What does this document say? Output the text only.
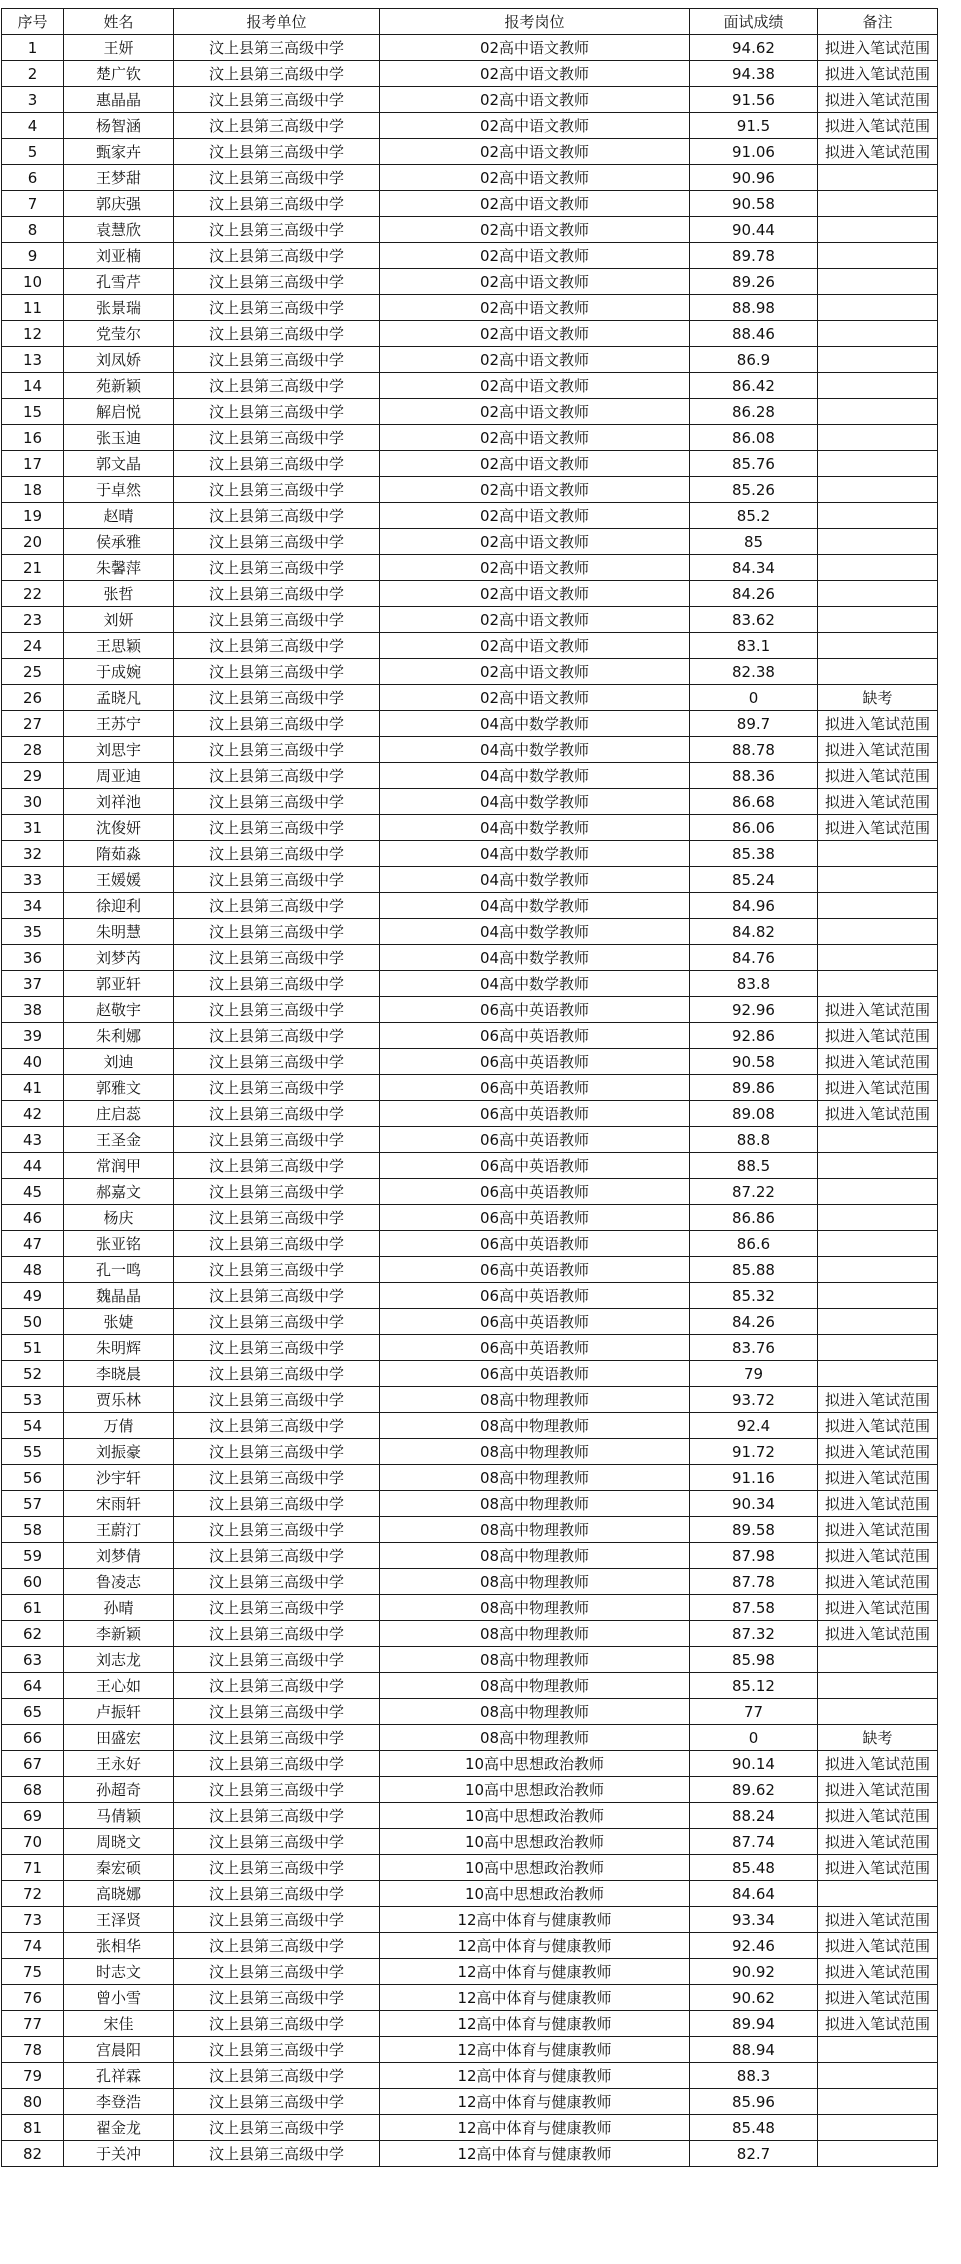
序号	姓名	报考单位	报考岗位	面试成绩	备注
1	王妍	汶上县第三高级中学	02高中语文教师	94.62	拟进入笔试范围
2	楚广钦	汶上县第三高级中学	02高中语文教师	94.38	拟进入笔试范围
3	惠晶晶	汶上县第三高级中学	02高中语文教师	91.56	拟进入笔试范围
4	杨智涵	汶上县第三高级中学	02高中语文教师	91.5	拟进入笔试范围
5	甄家卉	汶上县第三高级中学	02高中语文教师	91.06	拟进入笔试范围
6	王梦甜	汶上县第三高级中学	02高中语文教师	90.96	
7	郭庆强	汶上县第三高级中学	02高中语文教师	90.58	
8	袁慧欣	汶上县第三高级中学	02高中语文教师	90.44	
9	刘亚楠	汶上县第三高级中学	02高中语文教师	89.78	
10	孔雪芹	汶上县第三高级中学	02高中语文教师	89.26	
11	张景瑞	汶上县第三高级中学	02高中语文教师	88.98	
12	党莹尔	汶上县第三高级中学	02高中语文教师	88.46	
13	刘凤娇	汶上县第三高级中学	02高中语文教师	86.9	
14	苑新颖	汶上县第三高级中学	02高中语文教师	86.42	
15	解启悦	汶上县第三高级中学	02高中语文教师	86.28	
16	张玉迪	汶上县第三高级中学	02高中语文教师	86.08	
17	郭文晶	汶上县第三高级中学	02高中语文教师	85.76	
18	于卓然	汶上县第三高级中学	02高中语文教师	85.26	
19	赵晴	汶上县第三高级中学	02高中语文教师	85.2	
20	侯承雅	汶上县第三高级中学	02高中语文教师	85	
21	朱馨萍	汶上县第三高级中学	02高中语文教师	84.34	
22	张哲	汶上县第三高级中学	02高中语文教师	84.26	
23	刘妍	汶上县第三高级中学	02高中语文教师	83.62	
24	王思颖	汶上县第三高级中学	02高中语文教师	83.1	
25	于成婉	汶上县第三高级中学	02高中语文教师	82.38	
26	孟晓凡	汶上县第三高级中学	02高中语文教师	0	缺考
27	王苏宁	汶上县第三高级中学	04高中数学教师	89.7	拟进入笔试范围
28	刘思宇	汶上县第三高级中学	04高中数学教师	88.78	拟进入笔试范围
29	周亚迪	汶上县第三高级中学	04高中数学教师	88.36	拟进入笔试范围
30	刘祥池	汶上县第三高级中学	04高中数学教师	86.68	拟进入笔试范围
31	沈俊妍	汶上县第三高级中学	04高中数学教师	86.06	拟进入笔试范围
32	隋茹淼	汶上县第三高级中学	04高中数学教师	85.38	
33	王媛媛	汶上县第三高级中学	04高中数学教师	85.24	
34	徐迎利	汶上县第三高级中学	04高中数学教师	84.96	
35	朱明慧	汶上县第三高级中学	04高中数学教师	84.82	
36	刘梦芮	汶上县第三高级中学	04高中数学教师	84.76	
37	郭亚轩	汶上县第三高级中学	04高中数学教师	83.8	
38	赵敬宇	汶上县第三高级中学	06高中英语教师	92.96	拟进入笔试范围
39	朱利娜	汶上县第三高级中学	06高中英语教师	92.86	拟进入笔试范围
40	刘迪	汶上县第三高级中学	06高中英语教师	90.58	拟进入笔试范围
41	郭雅文	汶上县第三高级中学	06高中英语教师	89.86	拟进入笔试范围
42	庄启蕊	汶上县第三高级中学	06高中英语教师	89.08	拟进入笔试范围
43	王圣金	汶上县第三高级中学	06高中英语教师	88.8	
44	常润甲	汶上县第三高级中学	06高中英语教师	88.5	
45	郝嘉文	汶上县第三高级中学	06高中英语教师	87.22	
46	杨庆	汶上县第三高级中学	06高中英语教师	86.86	
47	张亚铭	汶上县第三高级中学	06高中英语教师	86.6	
48	孔一鸣	汶上县第三高级中学	06高中英语教师	85.88	
49	魏晶晶	汶上县第三高级中学	06高中英语教师	85.32	
50	张婕	汶上县第三高级中学	06高中英语教师	84.26	
51	朱明辉	汶上县第三高级中学	06高中英语教师	83.76	
52	李晓晨	汶上县第三高级中学	06高中英语教师	79	
53	贾乐林	汶上县第三高级中学	08高中物理教师	93.72	拟进入笔试范围
54	万倩	汶上县第三高级中学	08高中物理教师	92.4	拟进入笔试范围
55	刘振豪	汶上县第三高级中学	08高中物理教师	91.72	拟进入笔试范围
56	沙宇轩	汶上县第三高级中学	08高中物理教师	91.16	拟进入笔试范围
57	宋雨轩	汶上县第三高级中学	08高中物理教师	90.34	拟进入笔试范围
58	王蔚汀	汶上县第三高级中学	08高中物理教师	89.58	拟进入笔试范围
59	刘梦倩	汶上县第三高级中学	08高中物理教师	87.98	拟进入笔试范围
60	鲁凌志	汶上县第三高级中学	08高中物理教师	87.78	拟进入笔试范围
61	孙晴	汶上县第三高级中学	08高中物理教师	87.58	拟进入笔试范围
62	李新颖	汶上县第三高级中学	08高中物理教师	87.32	拟进入笔试范围
63	刘志龙	汶上县第三高级中学	08高中物理教师	85.98	
64	王心如	汶上县第三高级中学	08高中物理教师	85.12	
65	卢振轩	汶上县第三高级中学	08高中物理教师	77	
66	田盛宏	汶上县第三高级中学	08高中物理教师	0	缺考
67	王永好	汶上县第三高级中学	10高中思想政治教师	90.14	拟进入笔试范围
68	孙超奇	汶上县第三高级中学	10高中思想政治教师	89.62	拟进入笔试范围
69	马倩颖	汶上县第三高级中学	10高中思想政治教师	88.24	拟进入笔试范围
70	周晓文	汶上县第三高级中学	10高中思想政治教师	87.74	拟进入笔试范围
71	秦宏硕	汶上县第三高级中学	10高中思想政治教师	85.48	拟进入笔试范围
72	高晓娜	汶上县第三高级中学	10高中思想政治教师	84.64	
73	王泽贤	汶上县第三高级中学	12高中体育与健康教师	93.34	拟进入笔试范围
74	张相华	汶上县第三高级中学	12高中体育与健康教师	92.46	拟进入笔试范围
75	时志文	汶上县第三高级中学	12高中体育与健康教师	90.92	拟进入笔试范围
76	曾小雪	汶上县第三高级中学	12高中体育与健康教师	90.62	拟进入笔试范围
77	宋佳	汶上县第三高级中学	12高中体育与健康教师	89.94	拟进入笔试范围
78	宫晨阳	汶上县第三高级中学	12高中体育与健康教师	88.94	
79	孔祥霖	汶上县第三高级中学	12高中体育与健康教师	88.3	
80	李登浩	汶上县第三高级中学	12高中体育与健康教师	85.96	
81	翟金龙	汶上县第三高级中学	12高中体育与健康教师	85.48	
82	于关冲	汶上县第三高级中学	12高中体育与健康教师	82.7	
